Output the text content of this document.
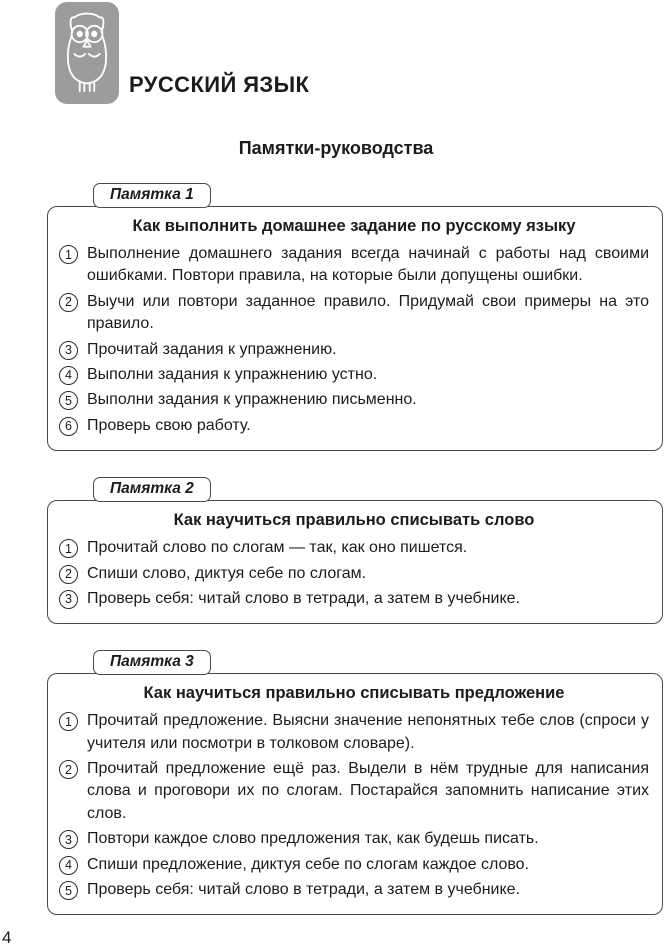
РУССКИЙ ЯЗЫК
Памятки-руководства
Памятка 1
Как выполнить домашнее задание по русскому языку
1 Выполнение домашнего задания всегда начинай с работы над своими ошибками. Повтори правила, на которые были допущены ошибки.
2 Выучи или повтори заданное правило. Придумай свои примеры на это правило.
3 Прочитай задания к упражнению.
4 Выполни задания к упражнению устно.
5 Выполни задания к упражнению письменно.
6 Проверь свою работу.
Памятка 2
Как научиться правильно списывать слово
1 Прочитай слово по слогам — так, как оно пишется.
2 Спиши слово, диктуя себе по слогам.
3 Проверь себя: читай слово в тетради, а затем в учебнике.
Памятка 3
Как научиться правильно списывать предложение
1 Прочитай предложение. Выясни значение непонятных тебе слов (спроси у учителя или посмотри в толковом словаре).
2 Прочитай предложение ещё раз. Выдели в нём трудные для написания слова и проговори их по слогам. Постарайся запомнить написание этих слов.
3 Повтори каждое слово предложения так, как будешь писать.
4 Спиши предложение, диктуя себе по слогам каждое слово.
5 Проверь себя: читай слово в тетради, а затем в учебнике.
4
